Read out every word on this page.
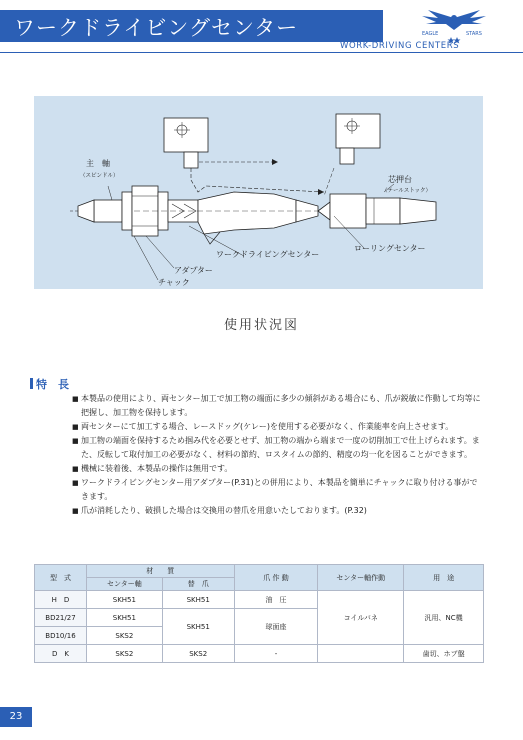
ワークドライビングセンター	EAGLE	STARS
WORK-DRIVING CENTERS
主　軸
（スピンドル）	芯押台
（テールストック）
ワークドライビングセンター
ローリングセンター
アダプター
チャック
使用状況図
特　長
■ 本製品の使用により、両センター加工で加工物の端面に多少の傾斜がある場合にも、爪が鋭敏に作動して均等に把握し、加工物を保持します。
■ 両センターにて加工する場合、レースドッグ(ケレー)を使用する必要がなく、作業能率を向上させます。
■ 加工物の端面を保持するため掴み代を必要とせず、加工物の端から端まで一度の切削加工で仕上げられます。また、反転して取付加工の必要がなく、材料の節約、ロスタイムの節約、精度の均一化を図ることができます。
■ 機械に装着後、本製品の操作は無用です。
■ ワークドライビングセンター用アダプター(P.31)との併用により、本製品を簡単にチャックに取り付ける事ができます。
■ 爪が消耗したり、破損した場合は交換用の替爪を用意いたしております。(P.32)
型　式	材　　質		爪 作 動	センター軸作動	用　途
	センター軸	替　爪			
H　D	SKH51	SKH51	油　圧	コイルバネ	汎用、NC機
BD21/27	SKH51	SKH51	球面座		
BD10/16	SKS2				
D　K	SKS2	SKS2	-		歯切、ホブ盤
23
